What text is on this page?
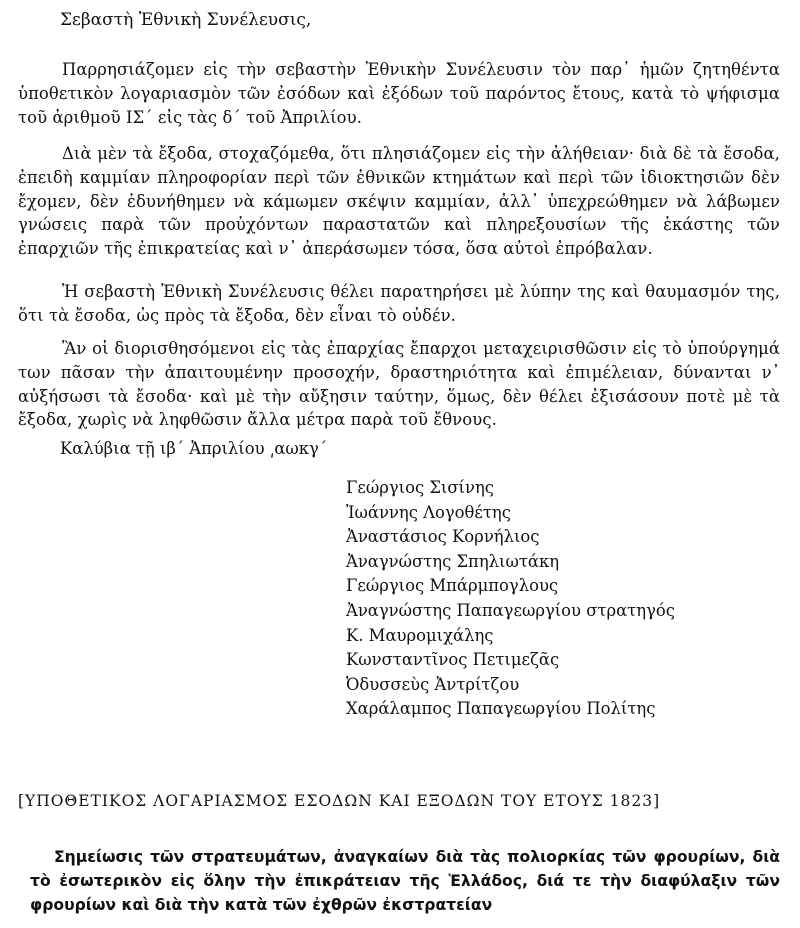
Σεβαστὴ Ἐθνικὴ Συνέλευσις,

Παρρησιάζομεν εἰς τὴν σεβαστὴν Ἐθνικὴν Συνέλευσιν τὸν παρ᾿ ἡμῶν ζητηθέντα ὑποθετικὸν λογαριασμὸν τῶν ἐσόδων καὶ ἐξόδων τοῦ παρόντος ἔτους, κατὰ τὸ ψήφισμα τοῦ ἀριθμοῦ ΙΣ´ εἰς τὰς δ´ τοῦ Ἀπριλίου.

Διὰ μὲν τὰ ἔξοδα, στοχαζόμεθα, ὅτι πλησιάζομεν εἰς τὴν ἀλήθειαν· διὰ δὲ τὰ ἔσοδα, ἐπειδὴ καμμίαν πληροφορίαν περὶ τῶν ἐθνικῶν κτημάτων καὶ περὶ τῶν ἰδιοκτησιῶν δὲν ἔχομεν, δὲν ἐδυνήθημεν νὰ κάμωμεν σκέψιν καμμίαν, ἀλλ᾿ ὑπεχρεώθημεν νὰ λάβωμεν γνώσεις παρὰ τῶν προὐχόντων παραστατῶν καὶ πληρεξουσίων τῆς ἑκάστης τῶν ἐπαρχιῶν τῆς ἐπικρατείας καὶ ν᾿ ἀπεράσωμεν τόσα, ὅσα αὐτοὶ ἐπρόβαλαν.

Ἡ σεβαστὴ Ἐθνικὴ Συνέλευσις θέλει παρατηρήσει μὲ λύπην της καὶ θαυμασμόν της, ὅτι τὰ ἔσοδα, ὡς πρὸς τὰ ἔξοδα, δὲν εἶναι τὸ οὐδέν.

Ἂν οἱ διορισθησόμενοι εἰς τὰς ἐπαρχίας ἔπαρχοι μεταχειρισθῶσιν εἰς τὸ ὑπούργημά των πᾶσαν τὴν ἀπαιτουμένην προσοχήν, δραστηριότητα καὶ ἐπιμέλειαν, δύνανται ν᾿ αὐξήσωσι τὰ ἔσοδα· καὶ μὲ τὴν αὔξησιν ταύτην, ὅμως, δὲν θέλει ἐξισάσουν ποτὲ μὲ τὰ ἔξοδα, χωρὶς νὰ ληφθῶσιν ἄλλα μέτρα παρὰ τοῦ ἔθνους.

Καλύβια τῇ ιβ´ Ἀπριλίου ͵αωκγ´
Γεώργιος Σισίνης
Ἰωάννης Λογοθέτης
Ἀναστάσιος Κορνήλιος
Ἀναγνώστης Σπηλιωτάκη
Γεώργιος Μπάρμπογλους
Ἀναγνώστης Παπαγεωργίου στρατηγός
Κ. Μαυρομιχάλης
Κωνσταντῖνος Πετιμεζᾶς
Ὀδυσσεὺς Ἀντρίτζου
Χαράλαμπος Παπαγεωργίου Πολίτης
[ΥΠΟΘΕΤΙΚΟΣ ΛΟΓΑΡΙΑΣΜΟΣ ΕΣΟΔΩΝ ΚΑΙ ΕΞΟΔΩΝ ΤΟΥ ΕΤΟΥΣ 1823]

Σημείωσις τῶν στρατευμάτων, ἀναγκαίων διὰ τὰς πολιορκίας τῶν φρουρίων, διὰ τὸ ἐσωτερικὸν εἰς ὅλην τὴν ἐπικράτειαν τῆς Ἑλλάδος, διά τε τὴν διαφύλαξιν τῶν φρουρίων καὶ διὰ τὴν κατὰ τῶν ἐχθρῶν ἐκστρατείαν
